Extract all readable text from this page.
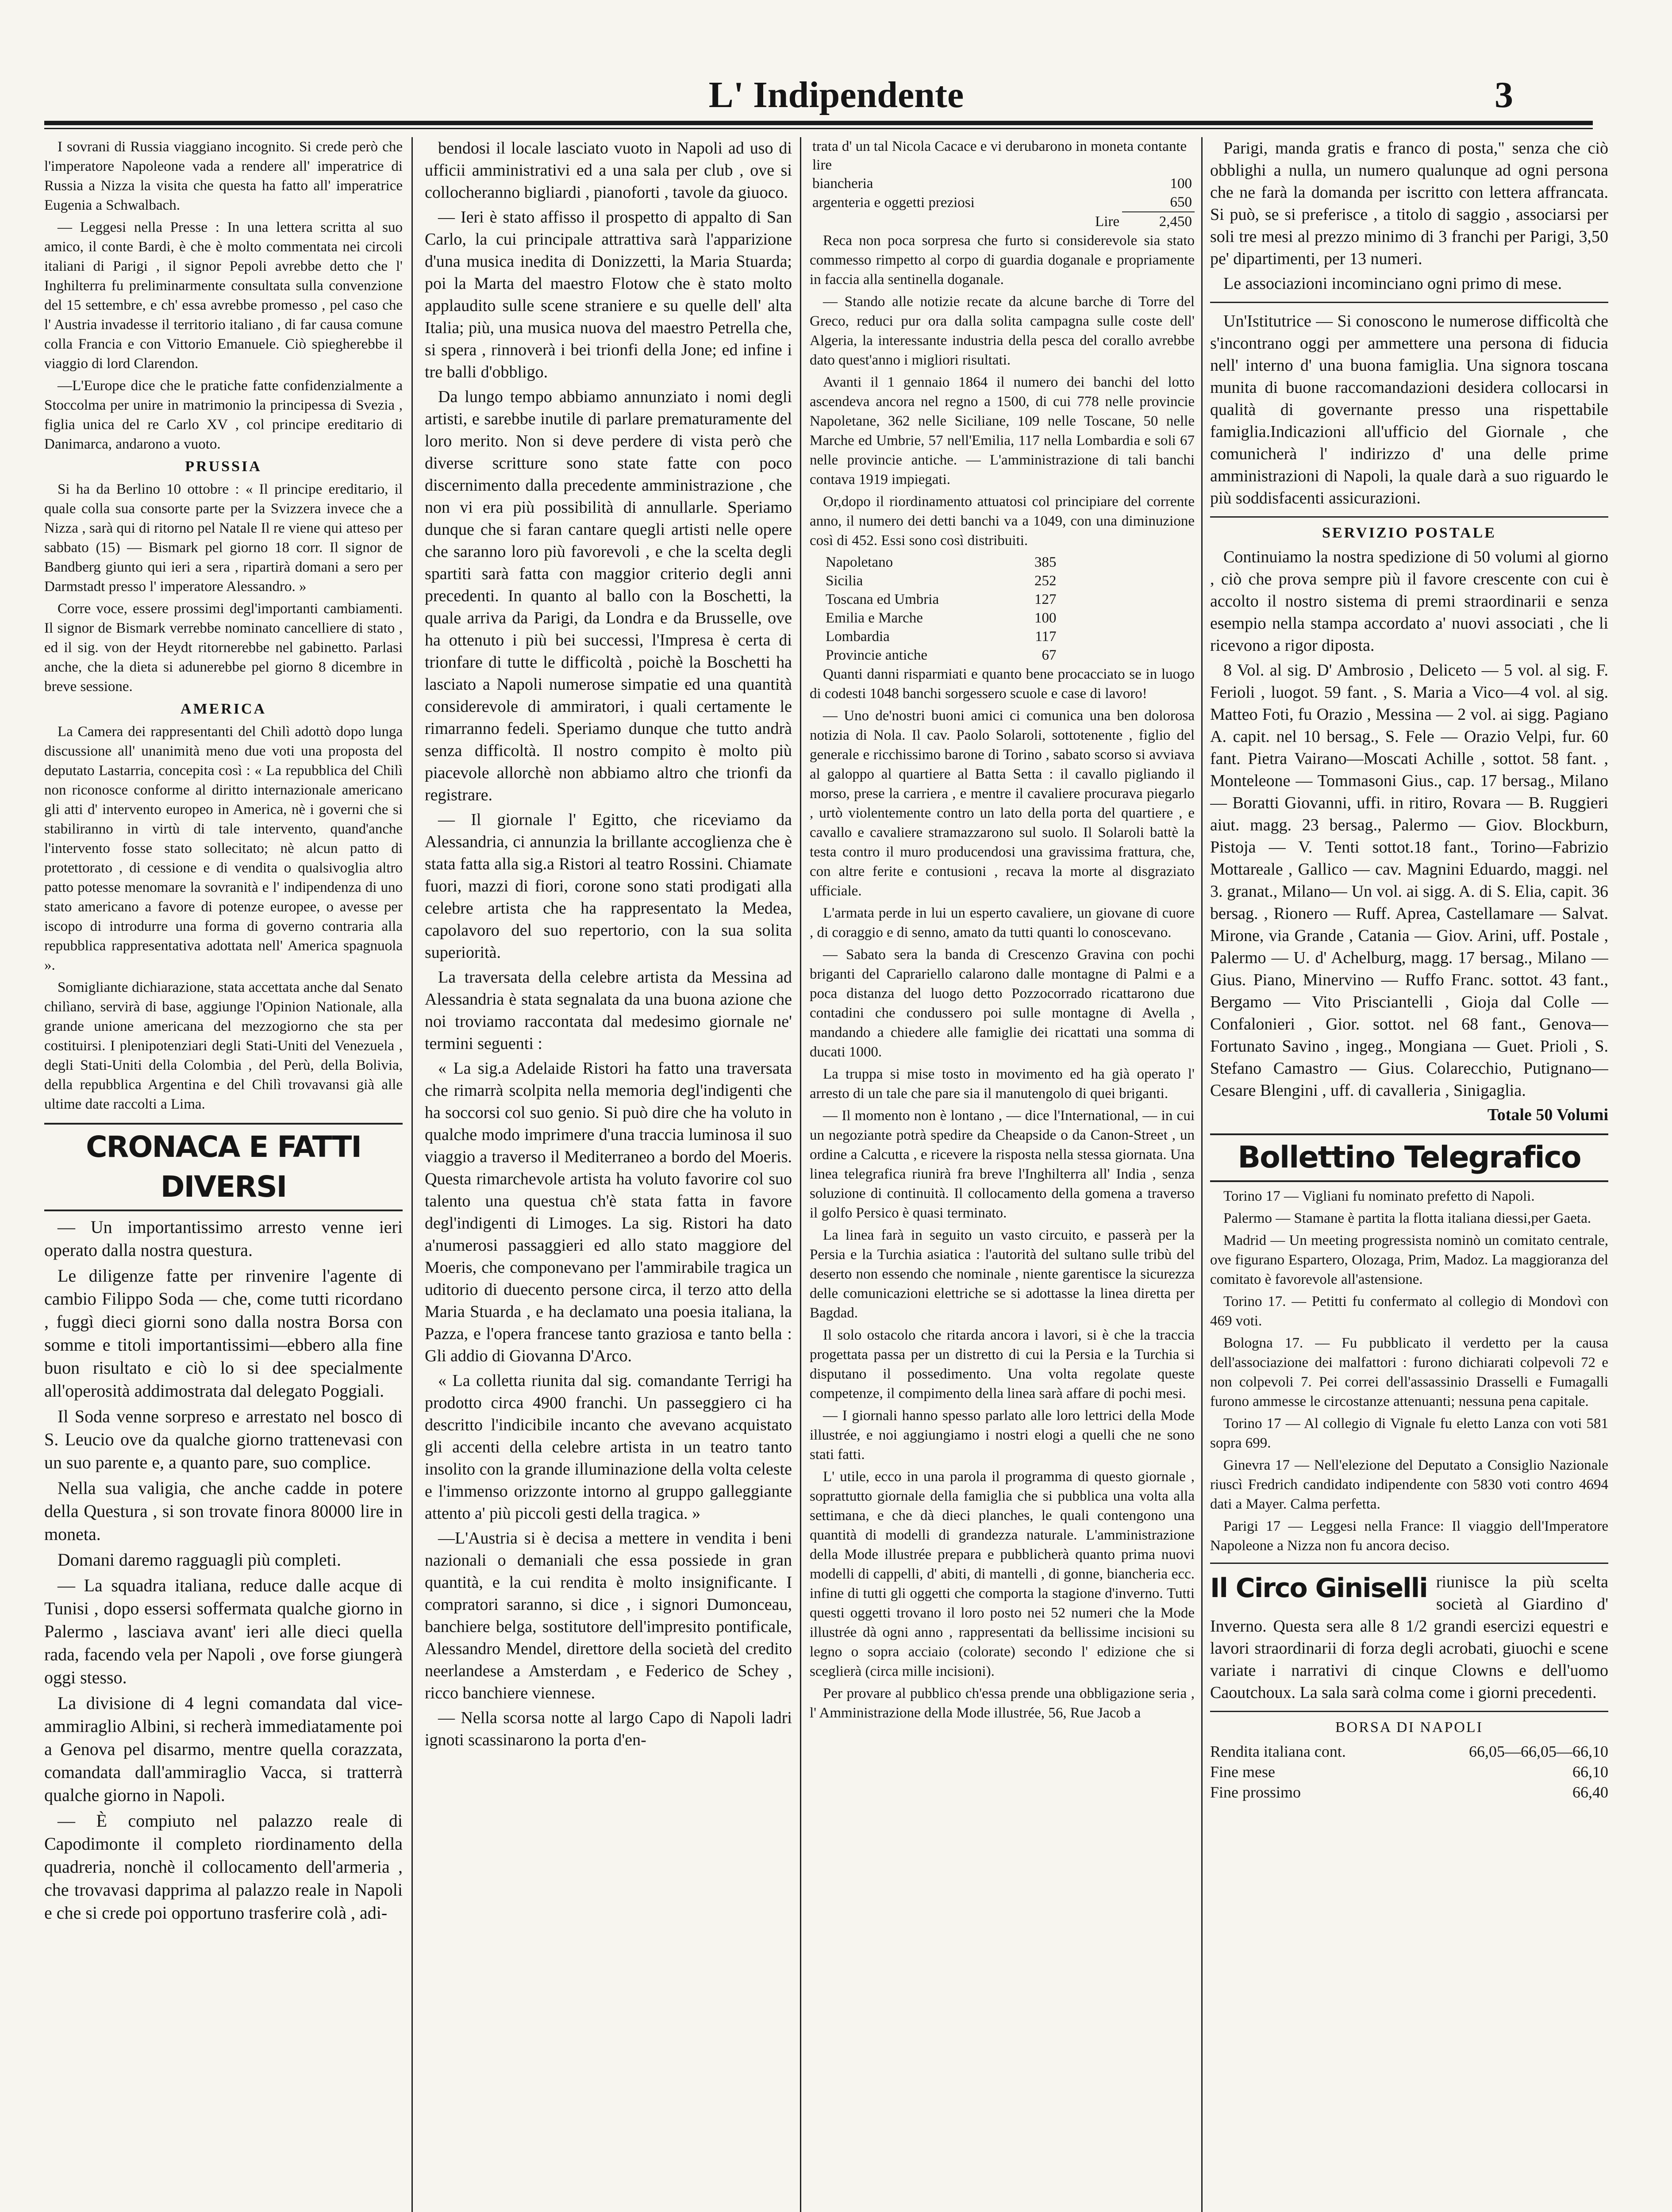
L' Indipendente	3

I sovrani di Russia viaggiano incognito. Si crede però che l'imperatore Napoleone vada a rendere all' imperatrice di Russia a Nizza la visita che questa ha fatto all' imperatrice Eugenia a Schwalbach.

— Leggesi nella Presse : In una lettera scritta al suo amico, il conte Bardi, è che è molto commentata nei circoli italiani di Parigi , il signor Pepoli avrebbe detto che l' Inghilterra fu preliminarmente consultata sulla convenzione del 15 settembre, e ch' essa avrebbe promesso , pel caso che l' Austria invadesse il territorio italiano , di far causa comune colla Francia e con Vittorio Emanuele. Ciò spiegherebbe il viaggio di lord Clarendon.

—L'Europe dice che le pratiche fatte confidenzialmente a Stoccolma per unire in matrimonio la principessa di Svezia , figlia unica del re Carlo XV , col principe ereditario di Danimarca, andarono a vuoto.

PRUSSIA

Si ha da Berlino 10 ottobre : « Il principe ereditario, il quale colla sua consorte parte per la Svizzera invece che a Nizza , sarà qui di ritorno pel Natale Il re viene qui atteso per sabbato (15) — Bismark pel giorno 18 corr. Il signor de Bandberg giunto qui ieri a sera , ripartirà domani a sero per Darmstadt presso l' imperatore Alessandro. »

Corre voce, essere prossimi degl'importanti cambiamenti. Il signor de Bismark verrebbe nominato cancelliere di stato , ed il sig. von der Heydt ritornerebbe nel gabinetto. Parlasi anche, che la dieta si adunerebbe pel giorno 8 dicembre in breve sessione.

AMERICA

La Camera dei rappresentanti del Chilì adottò dopo lunga discussione all' unanimità meno due voti una proposta del deputato Lastarria, concepita così : « La repubblica del Chilì non riconosce conforme al diritto internazionale americano gli atti d' intervento europeo in America, nè i governi che si stabiliranno in virtù di tale intervento, quand'anche l'intervento fosse stato sollecitato; nè alcun patto di protettorato , di cessione e di vendita o qualsivoglia altro patto potesse menomare la sovranità e l' indipendenza di uno stato americano a favore di potenze europee, o avesse per iscopo di introdurre una forma di governo contraria alla repubblica rappresentativa adottata nell' America spagnuola ».

Somigliante dichiarazione, stata accettata anche dal Senato chilìano, servirà di base, aggiunge l'Opinion Nationale, alla grande unione americana del mezzogiorno che sta per costituirsi. I plenipotenziari degli Stati-Uniti del Venezuela , degli Stati-Uniti della Colombia , del Perù, della Bolivia, della repubblica Argentina e del Chilì trovavansi già alle ultime date raccolti a Lima.

CRONACA E FATTI DIVERSI

— Un importantissimo arresto venne ieri operato dalla nostra questura.

Le diligenze fatte per rinvenire l'agente di cambio Filippo Soda — che, come tutti ricordano , fuggì dieci giorni sono dalla nostra Borsa con somme e titoli importantissimi—ebbero alla fine buon risultato e ciò lo si dee specialmente all'operosità addimostrata dal delegato Poggiali.

Il Soda venne sorpreso e arrestato nel bosco di S. Leucio ove da qualche giorno trattenevasi con un suo parente e, a quanto pare, suo complice.

Nella sua valigia, che anche cadde in potere della Questura , si son trovate finora 80000 lire in moneta.

Domani daremo ragguagli più completi.

— La squadra italiana, reduce dalle acque di Tunisi , dopo essersi soffermata qualche giorno in Palermo , lasciava avant' ieri alle dieci quella rada, facendo vela per Napoli , ove forse giungerà oggi stesso.

La divisione di 4 legni comandata dal vice-ammiraglio Albini, si recherà immediatamente poi a Genova pel disarmo, mentre quella corazzata, comandata dall'ammiraglio Vacca, si tratterrà qualche giorno in Napoli.

— È compiuto nel palazzo reale di Capodimonte il completo riordinamento della quadreria, nonchè il collocamento dell'armeria , che trovavasi dapprima al palazzo reale in Napoli e che si crede poi opportuno trasferire colà , adi-

bendosi il locale lasciato vuoto in Napoli ad uso di ufficii amministrativi ed a una sala per club , ove si collocheranno bigliardi , pianoforti , tavole da giuoco.

— Ieri è stato affisso il prospetto di appalto di San Carlo, la cui principale attrattiva sarà l'apparizione d'una musica inedita di Donizzetti, la Maria Stuarda; poi la Marta del maestro Flotow che è stato molto applaudito sulle scene straniere e su quelle dell' alta Italia; più, una musica nuova del maestro Petrella che, si spera , rinnoverà i bei trionfi della Jone; ed infine i tre balli d'obbligo.

Da lungo tempo abbiamo annunziato i nomi degli artisti, e sarebbe inutile di parlare prematuramente del loro merito. Non si deve perdere di vista però che diverse scritture sono state fatte con poco discernimento dalla precedente amministrazione , che non vi era più possibilità di annullarle. Speriamo dunque che si faran cantare quegli artisti nelle opere che saranno loro più favorevoli , e che la scelta degli spartiti sarà fatta con maggior criterio degli anni precedenti. In quanto al ballo con la Boschetti, la quale arriva da Parigi, da Londra e da Brusselle, ove ha ottenuto i più bei successi, l'Impresa è certa di trionfare di tutte le difficoltà , poichè la Boschetti ha lasciato a Napoli numerose simpatie ed una quantità considerevole di ammiratori, i quali certamente le rimarranno fedeli. Speriamo dunque che tutto andrà senza difficoltà. Il nostro compito è molto più piacevole allorchè non abbiamo altro che trionfi da registrare.

— Il giornale l' Egitto, che riceviamo da Alessandria, ci annunzia la brillante accoglienza che è stata fatta alla sig.a Ristori al teatro Rossini. Chiamate fuori, mazzi di fiori, corone sono stati prodigati alla celebre artista che ha rappresentato la Medea, capolavoro del suo repertorio, con la sua solita superiorità.

La traversata della celebre artista da Messina ad Alessandria è stata segnalata da una buona azione che noi troviamo raccontata dal medesimo giornale ne' termini seguenti :

« La sig.a Adelaide Ristori ha fatto una traversata che rimarrà scolpita nella memoria degl'indigenti che ha soccorsi col suo genio. Si può dire che ha voluto in qualche modo imprimere d'una traccia luminosa il suo viaggio a traverso il Mediterraneo a bordo del Moeris. Questa rimarchevole artista ha voluto favorire col suo talento una questua ch'è stata fatta in favore degl'indigenti di Limoges. La sig. Ristori ha dato a'numerosi passaggieri ed allo stato maggiore del Moeris, che componevano per l'ammirabile tragica un uditorio di duecento persone circa, il terzo atto della Maria Stuarda , e ha declamato una poesia italiana, la Pazza, e l'opera francese tanto graziosa e tanto bella : Gli addio di Giovanna D'Arco.

« La colletta riunita dal sig. comandante Terrigi ha prodotto circa 4900 franchi. Un passeggiero ci ha descritto l'indicibile incanto che avevano acquistato gli accenti della celebre artista in un teatro tanto insolito con la grande illuminazione della volta celeste e l'immenso orizzonte intorno al gruppo galleggiante attento a' più piccoli gesti della tragica. »

—L'Austria si è decisa a mettere in vendita i beni nazionali o demaniali che essa possiede in gran quantità, e la cui rendita è molto insignificante. I compratori saranno, si dice , i signori Dumonceau, banchiere belga, sostitutore dell'impresito pontificale, Alessandro Mendel, direttore della società del credito neerlandese a Amsterdam , e Federico de Schey , ricco banchiere viennese.

— Nella scorsa notte al largo Capo di Napoli ladri ignoti scassinarono la porta d'en-

trata d' un tal Nicola Cacace e vi derubarono in moneta contante lire	
biancheria	100
argenteria e oggetti preziosi	650
Lire	2,450

Reca non poca sorpresa che furto si considerevole sia stato commesso rimpetto al corpo di guardia doganale e propriamente in faccia alla sentinella doganale.

— Stando alle notizie recate da alcune barche di Torre del Greco, reduci pur ora dalla solita campagna sulle coste dell' Algeria, la interessante industria della pesca del corallo avrebbe dato quest'anno i migliori risultati.

Avanti il 1 gennaio 1864 il numero dei banchi del lotto ascendeva ancora nel regno a 1500, di cui 778 nelle provincie Napoletane, 362 nelle Siciliane, 109 nelle Toscane, 50 nelle Marche ed Umbrie, 57 nell'Emilia, 117 nella Lombardia e soli 67 nelle provincie antiche. — L'amministrazione di tali banchi contava 1919 impiegati.

Or,dopo il riordinamento attuatosi col principiare del corrente anno, il numero dei detti banchi va a 1049, con una diminuzione così di 452. Essi sono così distribuiti.

Napoletano	385
Sicilia	252
Toscana ed Umbria	127
Emilia e Marche	100
Lombardia	117
Provincie antiche	67

Quanti danni risparmiati e quanto bene procacciato se in luogo di codesti 1048 banchi sorgessero scuole e case di lavoro!

— Uno de'nostri buoni amici ci comunica una ben dolorosa notizia di Nola. Il cav. Paolo Solaroli, sottotenente , figlio del generale e ricchissimo barone di Torino , sabato scorso si avviava al galoppo al quartiere al Batta Setta : il cavallo pigliando il morso, prese la carriera , e mentre il cavaliere procurava piegarlo , urtò violentemente contro un lato della porta del quartiere , e cavallo e cavaliere stramazzarono sul suolo. Il Solaroli battè la testa contro il muro producendosi una gravissima frattura, che, con altre ferite e contusioni , recava la morte al disgraziato ufficiale.

L'armata perde in lui un esperto cavaliere, un giovane di cuore , di coraggio e di senno, amato da tutti quanti lo conoscevano.

— Sabato sera la banda di Crescenzo Gravina con pochi briganti del Caprariello calarono dalle montagne di Palmi e a poca distanza del luogo detto Pozzocorrado ricattarono due contadini che condussero poi sulle montagne di Avella , mandando a chiedere alle famiglie dei ricattati una somma di ducati 1000.

La truppa si mise tosto in movimento ed ha già operato l' arresto di un tale che pare sia il manutengolo di quei briganti.

— Il momento non è lontano , — dice l'International, — in cui un negoziante potrà spedire da Cheapside o da Canon-Street , un ordine a Calcutta , e ricevere la risposta nella stessa giornata. Una linea telegrafica riunirà fra breve l'Inghilterra all' India , senza soluzione di continuità. Il collocamento della gomena a traverso il golfo Persico è quasi terminato.

La linea farà in seguito un vasto circuito, e passerà per la Persia e la Turchia asiatica : l'autorità del sultano sulle tribù del deserto non essendo che nominale , niente garentisce la sicurezza delle comunicazioni elettriche se si adottasse la linea diretta per Bagdad.

Il solo ostacolo che ritarda ancora i lavori, si è che la traccia progettata passa per un distretto di cui la Persia e la Turchia si disputano il possedimento. Una volta regolate queste competenze, il compimento della linea sarà affare di pochi mesi.

— I giornali hanno spesso parlato alle loro lettrici della Mode illustrée, e noi aggiungiamo i nostri elogi a quelli che ne sono stati fatti.

L' utile, ecco in una parola il programma di questo giornale , soprattutto giornale della famiglia che si pubblica una volta alla settimana, e che dà dieci planches, le quali contengono una quantità di modelli di grandezza naturale. L'amministrazione della Mode illustrée prepara e pubblicherà quanto prima nuovi modelli di cappelli, d' abiti, di mantelli , di gonne, biancheria ecc. infine di tutti gli oggetti che comporta la stagione d'inverno. Tutti questi oggetti trovano il loro posto nei 52 numeri che la Mode illustrée dà ogni anno , rappresentati da bellissime incisioni su legno o sopra acciaio (colorate) secondo l' edizione che si sceglierà (circa mille incisioni).

Per provare al pubblico ch'essa prende una obbligazione seria , l' Amministrazione della Mode illustrée, 56, Rue Jacob a

Parigi, manda gratis e franco di posta," senza che ciò obblighi a nulla, un numero qualunque ad ogni persona che ne farà la domanda per iscritto con lettera affrancata. Si può, se si preferisce , a titolo di saggio , associarsi per soli tre mesi al prezzo minimo di 3 franchi per Parigi, 3,50 pe' dipartimenti, per 13 numeri.

Le associazioni incominciano ogni primo di mese.

Un'Istitutrice — Si conoscono le numerose difficoltà che s'incontrano oggi per ammettere una persona di fiducia nell' interno d' una buona famiglia. Una signora toscana munita di buone raccomandazioni desidera collocarsi in qualità di governante presso una rispettabile famiglia.Indicazioni all'ufficio del Giornale , che comunicherà l' indirizzo d' una delle prime amministrazioni di Napoli, la quale darà a suo riguardo le più soddisfacenti assicurazioni.

SERVIZIO POSTALE

Continuiamo la nostra spedizione di 50 volumi al giorno , ciò che prova sempre più il favore crescente con cui è accolto il nostro sistema di premi straordinarii e senza esempio nella stampa accordato a' nuovi associati , che li ricevono a rigor diposta.

8 Vol. al sig. D' Ambrosio , Deliceto — 5 vol. al sig. F. Ferioli , luogot. 59 fant. , S. Maria a Vico—4 vol. al sig. Matteo Foti, fu Orazio , Messina — 2 vol. ai sigg. Pagiano A. capit. nel 10 bersag., S. Fele — Orazio Velpi, fur. 60 fant. Pietra Vairano—Moscati Achille , sottot. 58 fant. , Monteleone — Tommasoni Gius., cap. 17 bersag., Milano — Boratti Giovanni, uffi. in ritiro, Rovara — B. Ruggieri aiut. magg. 23 bersag., Palermo — Giov. Blockburn, Pistoja — V. Tenti sottot.18 fant., Torino—Fabrizio Mottareale , Gallico — cav. Magnini Eduardo, maggi. nel 3. granat., Milano— Un vol. ai sigg. A. di S. Elia, capit. 36 bersag. , Rionero — Ruff. Aprea, Castellamare — Salvat. Mirone, via Grande , Catania — Giov. Arini, uff. Postale , Palermo — U. d' Achelburg, magg. 17 bersag., Milano — Gius. Piano, Minervino — Ruffo Franc. sottot. 43 fant., Bergamo — Vito Prisciantelli , Gioja dal Colle — Confalonieri , Gior. sottot. nel 68 fant., Genova— Fortunato Savino , ingeg., Mongiana — Guet. Prioli , S. Stefano Camastro — Gius. Colarecchio, Putignano— Cesare Blengini , uff. di cavalleria , Sinigaglia.

Totale 50 Volumi
Bollettino Telegrafico

Torino 17 — Vigliani fu nominato prefetto di Napoli.

Palermo — Stamane è partita la flotta italiana diessi,per Gaeta.

Madrid — Un meeting progressista nominò un comitato centrale, ove figurano Espartero, Olozaga, Prim, Madoz. La maggioranza del comitato è favorevole all'astensione.

Torino 17. — Petitti fu confermato al collegio di Mondovì con 469 voti.

Bologna 17. — Fu pubblicato il verdetto per la causa dell'associazione dei malfattori : furono dichiarati colpevoli 72 e non colpevoli 7. Pei correi dell'assassinio Drasselli e Fumagalli furono ammesse le circostanze attenuanti; nessuna pena capitale.

Torino 17 — Al collegio di Vignale fu eletto Lanza con voti 581 sopra 699.

Ginevra 17 — Nell'elezione del Deputato a Consiglio Nazionale riuscì Fredrich candidato indipendente con 5830 voti contro 4694 dati a Mayer. Calma perfetta.

Parigi 17 — Leggesi nella France: Il viaggio dell'Imperatore Napoleone a Nizza non fu ancora deciso.

Il Circo Giniselli riunisce la più scelta società al Giardino d' Inverno. Questa sera alle 8 1/2 grandi esercizi equestri e lavori straordinarii di forza degli acrobati, giuochi e scene variate i narrativi di cinque Clowns e dell'uomo Caoutchoux. La sala sarà colma come i giorni precedenti.

BORSA DI NAPOLI
Rendita italiana cont.	66,05—66,05—66,10
Fine mese	66,10
Fine prossimo	66,40
